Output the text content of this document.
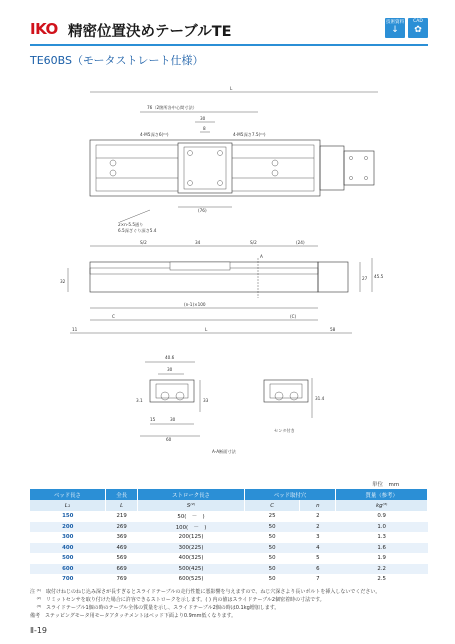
IKO 精密位置決めテーブルTE
技術資料
↓
CAD
✿
TE60BS（モータストレート仕様）
L
76（2箇所各中心間寸法）
30
8
4-M5深さ6(⁽¹⁾)	4-M5深さ7.5(⁽¹⁾)
(76)
2×n-5.5通り
6.5深ざぐり深さ5.4
S/2	34	S/2	(24)
A
32
27 45.5
(n-1)×100
C	(C)
11	L	58
40.6
30
3.1	33
15	30
60
31.4
センタ付き
A-A断面寸法
単位　mm
ベッド長さ	全長	ストローク長さ	ベッド取付穴		質量（参考）
L₁	L	S⁽²⁾	C	n	kg⁽³⁾
150	219	50(　－　)	25	2	0.9
200	269	100(　－　)	50	2	1.0
300	369	200(125)	50	3	1.3
400	469	300(225)	50	4	1.6
500	569	400(325)	50	5	1.9
600	669	500(425)	50	6	2.2
700	769	600(525)	50	7	2.5
注 ⁽¹⁾　取付けねじのねじ込み深さが長すぎるとスライドテーブルの走行性能に悪影響を与えますので、ねじ穴深さより長いボルトを挿入しないでください。
　 ⁽²⁾　リミットセンサを取り付けた場合に許容できるストロークを示します。( ) 内の値はスライドテーブル2個密着時の寸法です。
　 ⁽³⁾　スライドテーブル1個の時のテーブル全体の質量を示し、スライドテーブル2個の時は0.1kg増加します。
備考　ステッピングモータ用モータアタッチメントはベッド下面より0.9mm低くなります。
Ⅱ-19
